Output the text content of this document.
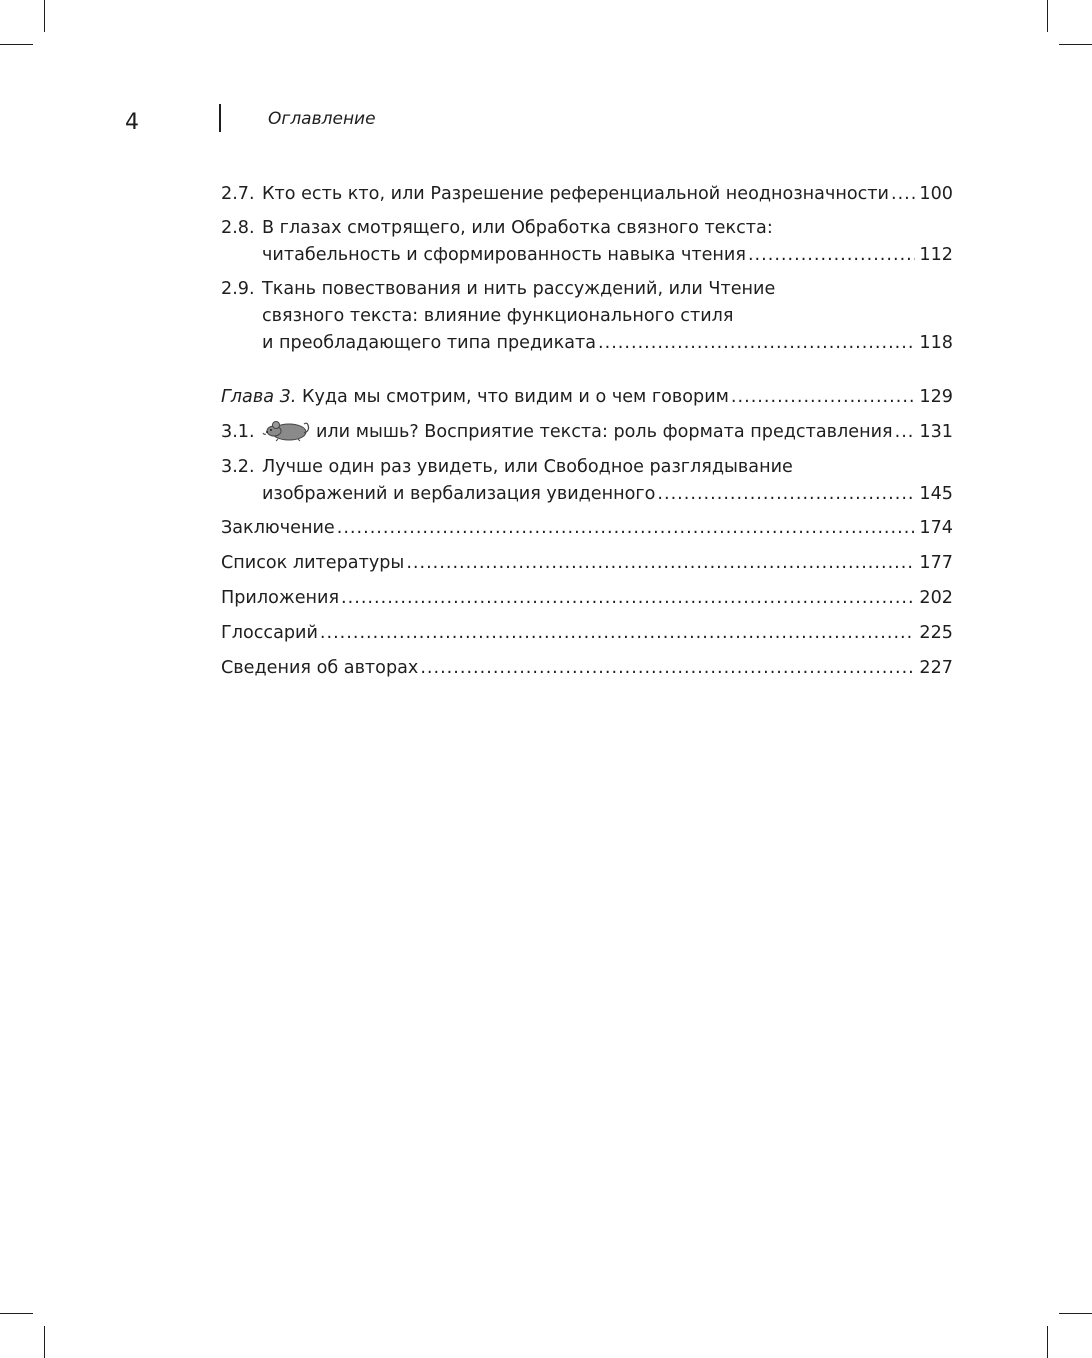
4	Оглавление
2.7. Кто есть кто, или Разрешение референциальной неоднозначности ..... 100
2.8. В глазах смотрящего, или Обработка связного текста:
читабельность и сформированность навыка чтения .....	112
2.9. Ткань повествования и нить рассуждений, или Чтение
связного текста: влияние функционального стиля
и преобладающего типа предиката .....	118
Глава 3. Куда мы смотрим, что видим и о чем говорим .....	129
3.1.	или мышь? Восприятие текста: роль формата представления ..... 131
3.2. Лучше один раз увидеть, или Свободное разглядывание
изображений и вербализация увиденного .....	145
Заключение .....	174
Список литературы .....	177
Приложения .....	202
Глоссарий .....	225
Сведения об авторах .....	227
